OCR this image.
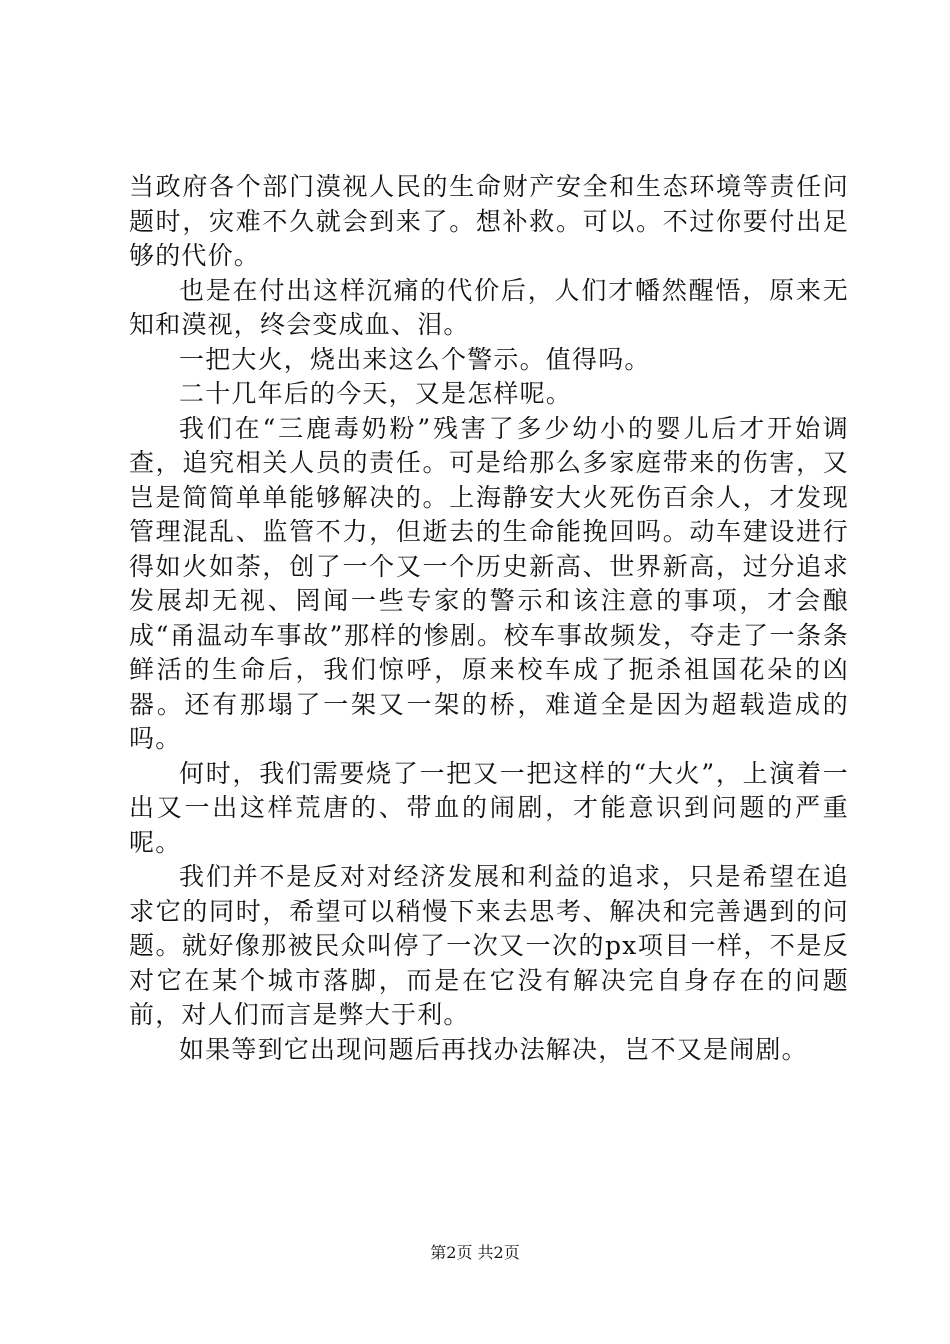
当政府各个部门漠视人民的生命财产安全和生态环境等责任问题时，灾难不久就会到来了。想补救。可以。不过你要付出足够的代价。

也是在付出这样沉痛的代价后，人们才幡然醒悟，原来无知和漠视，终会变成血、泪。

一把大火，烧出来这么个警示。值得吗。

二十几年后的今天，又是怎样呢。

我们在“三鹿毒奶粉”残害了多少幼小的婴儿后才开始调查，追究相关人员的责任。可是给那么多家庭带来的伤害，又岂是简简单单能够解决的。上海静安大火死伤百余人，才发现管理混乱、监管不力，但逝去的生命能挽回吗。动车建设进行得如火如荼，创了一个又一个历史新高、世界新高，过分追求发展却无视、罔闻一些专家的警示和该注意的事项，才会酿成“甬温动车事故”那样的惨剧。校车事故频发，夺走了一条条鲜活的生命后，我们惊呼，原来校车成了扼杀祖国花朵的凶器。还有那塌了一架又一架的桥，难道全是因为超载造成的吗。

何时，我们需要烧了一把又一把这样的“大火”，上演着一出又一出这样荒唐的、带血的闹剧，才能意识到问题的严重呢。

我们并不是反对对经济发展和利益的追求，只是希望在追求它的同时，希望可以稍慢下来去思考、解决和完善遇到的问题。就好像那被民众叫停了一次又一次的px项目一样，不是反对它在某个城市落脚，而是在它没有解决完自身存在的问题前，对人们而言是弊大于利。

如果等到它出现问题后再找办法解决，岂不又是闹剧。

第2页 共2页
